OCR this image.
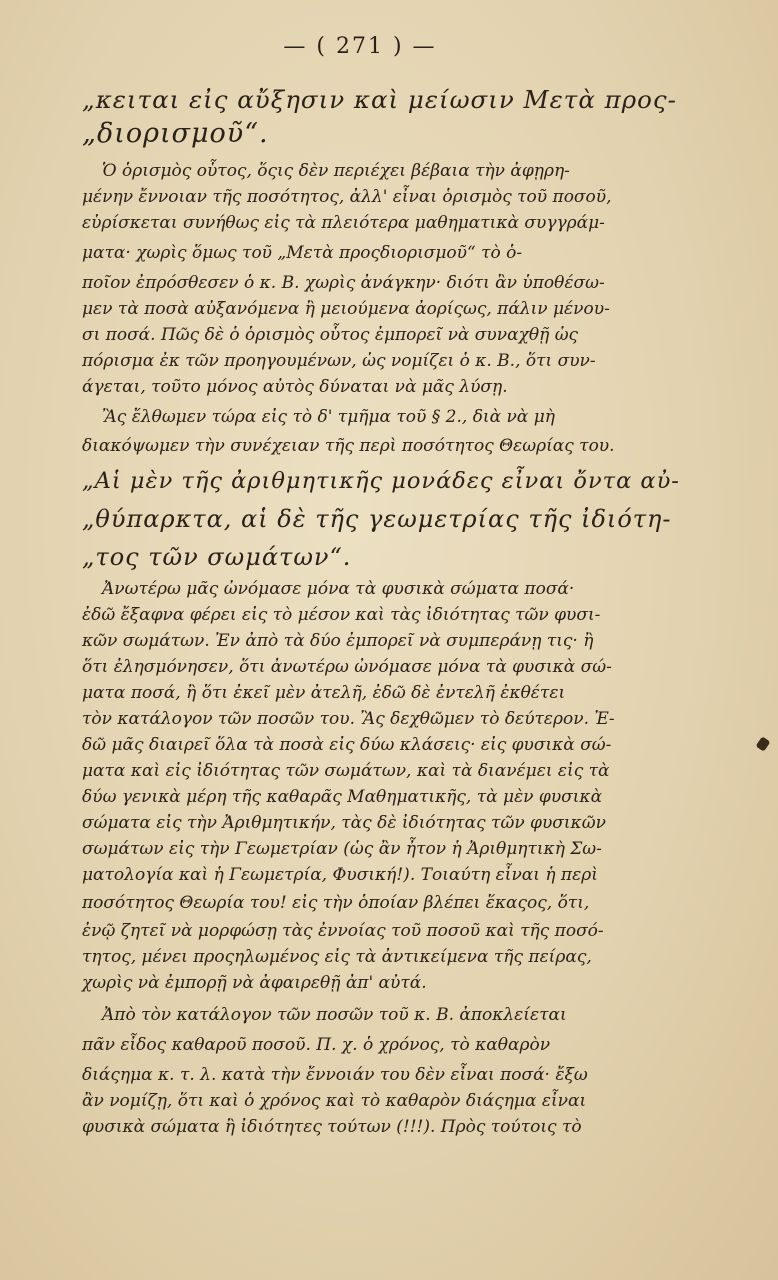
— ( 271 ) —
„κειται εἰς αὔξησιν καὶ μείωσιν Μετὰ προς-
„διορισμοῦ“.
Ὁ ὁρισμὸς οὗτος, ὅςις δὲν περιέχει βέβαια τὴν ἀφῃρη-
μένην ἔννοιαν τῆς ποσότητος, ἀλλ' εἶναι ὁρισμὸς τοῦ ποσοῦ,
εὑρίσκεται συνήθως εἰς τὰ πλειότερα μαθηματικὰ συγγράμ-
ματα· χωρὶς ὅμως τοῦ „Μετὰ προςδιορισμοῦ“ τὸ ὁ-
ποῖον ἐπρόσθεσεν ὁ κ. Β. χωρὶς ἀνάγκην· διότι ἂν ὑποθέσω-
μεν τὰ ποσὰ αὐξανόμενα ἢ μειούμενα ἀορίςως, πάλιν μένου-
σι ποσά. Πῶς δὲ ὁ ὁρισμὸς οὗτος ἐμπορεῖ νὰ συναχθῇ ὡς
πόρισμα ἐκ τῶν προηγουμένων, ὡς νομίζει ὁ κ. Β., ὅτι συν-
άγεται, τοῦτο μόνος αὐτὸς δύναται νὰ μᾶς λύσῃ.
Ἂς ἔλθωμεν τώρα εἰς τὸ δ' τμῆμα τοῦ § 2., διὰ νὰ μὴ
διακόψωμεν τὴν συνέχειαν τῆς περὶ ποσότητος Θεωρίας του.
„Αἱ μὲν τῆς ἀριθμητικῆς μονάδες εἶναι ὄντα αὐ-
„θύπαρκτα, αἱ δὲ τῆς γεωμετρίας τῆς ἰδιότη-
„τος τῶν σωμάτων“.
Ἀνωτέρω μᾶς ὠνόμασε μόνα τὰ φυσικὰ σώματα ποσά·
ἐδῶ ἔξαφνα φέρει εἰς τὸ μέσον καὶ τὰς ἰδιότητας τῶν φυσι-
κῶν σωμάτων. Ἐν ἀπὸ τὰ δύο ἐμπορεῖ νὰ συμπεράνῃ τις· ἢ
ὅτι ἐλησμόνησεν, ὅτι ἀνωτέρω ὠνόμασε μόνα τὰ φυσικὰ σώ-
ματα ποσά, ἢ ὅτι ἐκεῖ μὲν ἀτελῆ, ἐδῶ δὲ ἐντελῆ ἐκθέτει
τὸν κατάλογον τῶν ποσῶν του. Ἂς δεχθῶμεν τὸ δεύτερον. Ἐ-
δῶ μᾶς διαιρεῖ ὅλα τὰ ποσὰ εἰς δύω κλάσεις· εἰς φυσικὰ σώ-
ματα καὶ εἰς ἰδιότητας τῶν σωμάτων, καὶ τὰ διανέμει εἰς τὰ
δύω γενικὰ μέρη τῆς καθαρᾶς Μαθηματικῆς, τὰ μὲν φυσικὰ
σώματα εἰς τὴν Ἀριθμητικήν, τὰς δὲ ἰδιότητας τῶν φυσικῶν
σωμάτων εἰς τὴν Γεωμετρίαν (ὡς ἂν ἦτον ἡ Ἀριθμητικὴ Σω-
ματολογία καὶ ἡ Γεωμετρία, Φυσική!). Τοιαύτη εἶναι ἡ περὶ
ποσότητος Θεωρία του! εἰς τὴν ὁποίαν βλέπει ἕκαςος, ὅτι,
ἐνῷ ζητεῖ νὰ μορφώσῃ τὰς ἐννοίας τοῦ ποσοῦ καὶ τῆς ποσό-
τητος, μένει προςηλωμένος εἰς τὰ ἀντικείμενα τῆς πείρας,
χωρὶς νὰ ἐμπορῇ νὰ ἀφαιρεθῇ ἀπ' αὐτά.
Ἀπὸ τὸν κατάλογον τῶν ποσῶν τοῦ κ. Β. ἀποκλείεται
πᾶν εἶδος καθαροῦ ποσοῦ. Π. χ. ὁ χρόνος, τὸ καθαρὸν
διάςημα κ. τ. λ. κατὰ τὴν ἔννοιάν του δὲν εἶναι ποσά· ἔξω
ἂν νομίζῃ, ὅτι καὶ ὁ χρόνος καὶ τὸ καθαρὸν διάςημα εἶναι
φυσικὰ σώματα ἢ ἰδιότητες τούτων (!!!). Πρὸς τούτοις τὸ
